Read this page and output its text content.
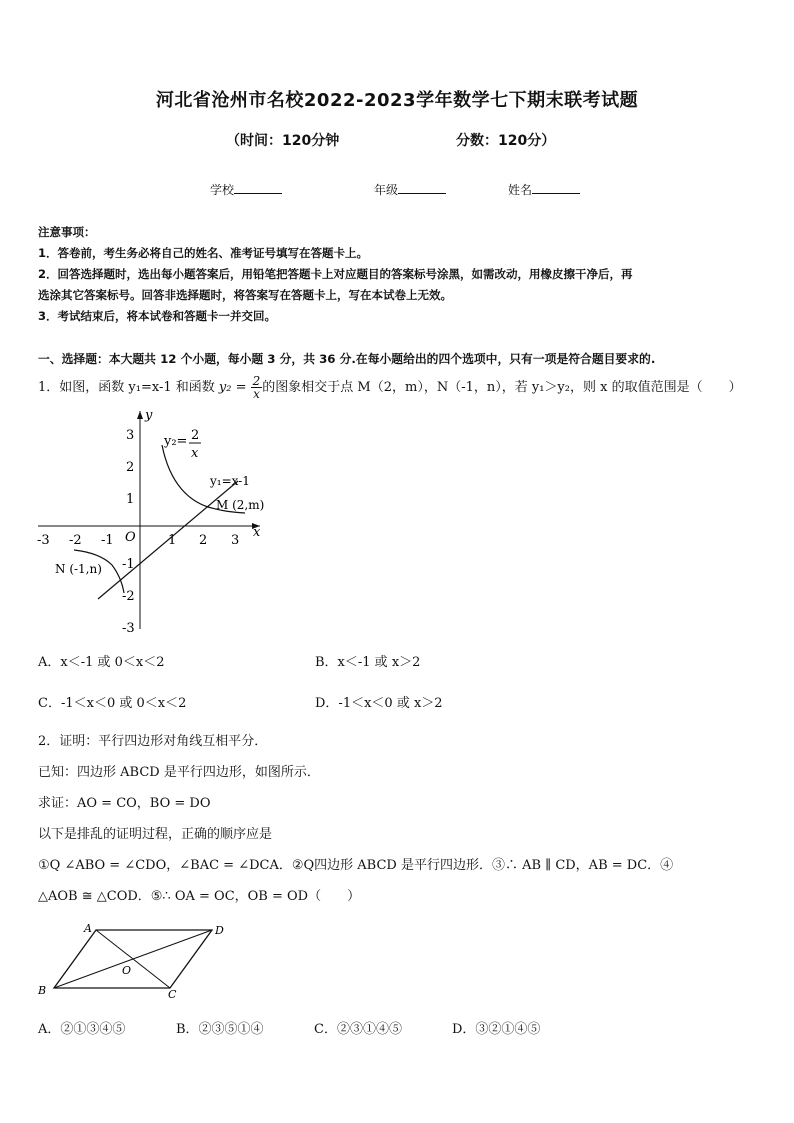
河北省沧州市名校2022-2023学年数学七下期末联考试题
（时间：120分钟	分数：120分）
学校	年级	姓名
注意事项：
1．答卷前，考生务必将自己的姓名、准考证号填写在答题卡上。
2．回答选择题时，选出每小题答案后，用铅笔把答题卡上对应题目的答案标号涂黑，如需改动，用橡皮擦干净后，再
选涂其它答案标号。回答非选择题时，将答案写在答题卡上，写在本试卷上无效。
3．考试结束后，将本试卷和答题卡一并交回。
一、选择题：本大题共 12 个小题，每小题 3 分，共 36 分.在每小题给出的四个选项中，只有一项是符合题目要求的.
1．如图，函数 y₁=x-1 和函数 $y_2 = \frac{2}{x}$ 的图象相交于点 M（2，m），N（-1，n），若 y₁＞y₂，则 x 的取值范围是（　　）
x
y
O
-3 -2 -1	1 2 3
3
2
1
-1
-2
-3
y₂= 2
x
y₁=x-1
M (2,m)
N (-1,n)
A．x＜-1 或 0＜x＜2	B．x＜-1 或 x＞2
C．-1＜x＜0 或 0＜x＜2	D．-1＜x＜0 或 x＞2
2．证明：平行四边形对角线互相平分．
已知：四边形 ABCD 是平行四边形，如图所示．
求证：AO = CO，BO = DO
以下是排乱的证明过程，正确的顺序应是
①Q ∠ABO = ∠CDO，∠BAC = ∠DCA．②Q四边形 ABCD 是平行四边形．③∴ AB ∥ CD，AB = DC．④
△AOB ≅ △COD．⑤∴ OA = OC，OB = OD（　　）
A
B	C
D
O
A．②①③④⑤	B．②③⑤①④	C．②③①④⑤	D．③②①④⑤
